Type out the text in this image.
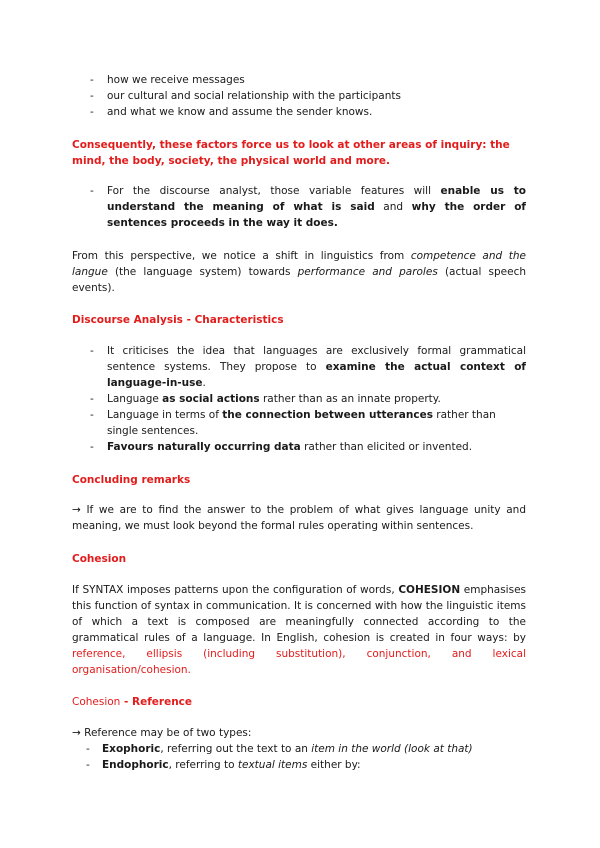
- how we receive messages
- our cultural and social relationship with the participants
- and what we know and assume the sender knows.
Consequently, these factors force us to look at other areas of inquiry: the mind, the body, society, the physical world and more.
- For the discourse analyst, those variable features will enable us to understand the meaning of what is said and why the order of sentences proceeds in the way it does.
From this perspective, we notice a shift in linguistics from competence and the langue (the language system) towards performance and paroles (actual speech events).
Discourse Analysis - Characteristics
- It criticises the idea that languages are exclusively formal grammatical sentence systems. They propose to examine the actual context of language-in-use.
- Language as social actions rather than as an innate property.
- Language in terms of the connection between utterances rather than single sentences.
- Favours naturally occurring data rather than elicited or invented.
Concluding remarks
→ If we are to find the answer to the problem of what gives language unity and meaning, we must look beyond the formal rules operating within sentences.
Cohesion
If SYNTAX imposes patterns upon the configuration of words, COHESION emphasises this function of syntax in communication. It is concerned with how the linguistic items of which a text is composed are meaningfully connected according to the grammatical rules of a language. In English, cohesion is created in four ways: by reference, ellipsis (including substitution), conjunction, and lexical organisation/cohesion.
Cohesion - Reference
→ Reference may be of two types:
- Exophoric, referring out the text to an item in the world (look at that)
- Endophoric, referring to textual items either by:
